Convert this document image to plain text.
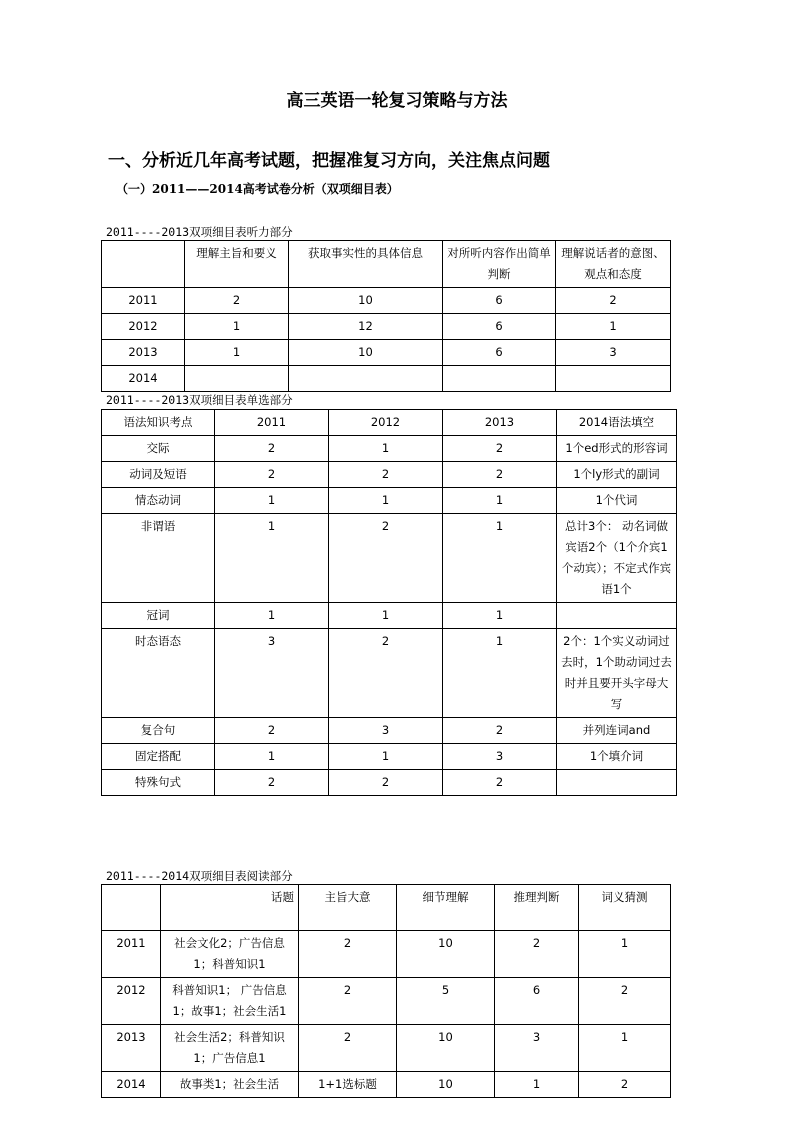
高三英语一轮复习策略与方法
一、分析近几年高考试题，把握准复习方向，关注焦点问题
（一）2011——2014高考试卷分析（双项细目表）
2011----2013双项细目表听力部分
	理解主旨和要义	获取事实性的具体信息	对所听内容作出简单判断	理解说话者的意图、观点和态度
2011	2	10	6	2
2012	1	12	6	1
2013	1	10	6	3
2014				
2011----2013双项细目表单选部分
语法知识考点	2011	2012	2013	2014语法填空
交际	2	1	2	1个ed形式的形容词
动词及短语	2	2	2	1个ly形式的副词
情态动词	1	1	1	1个代词
非谓语	1	2	1	总计3个： 动名词做宾语2个（1个介宾1个动宾）；不定式作宾语1个
冠词	1	1	1	
时态语态	3	2	1	2个：1个实义动词过去时，1个助动词过去时并且要开头字母大写
复合句	2	3	2	并列连词and
固定搭配	1	1	3	1个填介词
特殊句式	2	2	2	
2011----2014双项细目表阅读部分
	话题	主旨大意	细节理解	推理判断	词义猜测
2011	社会文化2；广告信息1；科普知识1	2	10	2	1
2012	科普知识1； 广告信息1；故事1；社会生活1	2	5	6	2
2013	社会生活2；科普知识1；广告信息1	2	10	3	1
2014	故事类1；社会生活	1+1选标题	10	1	2
